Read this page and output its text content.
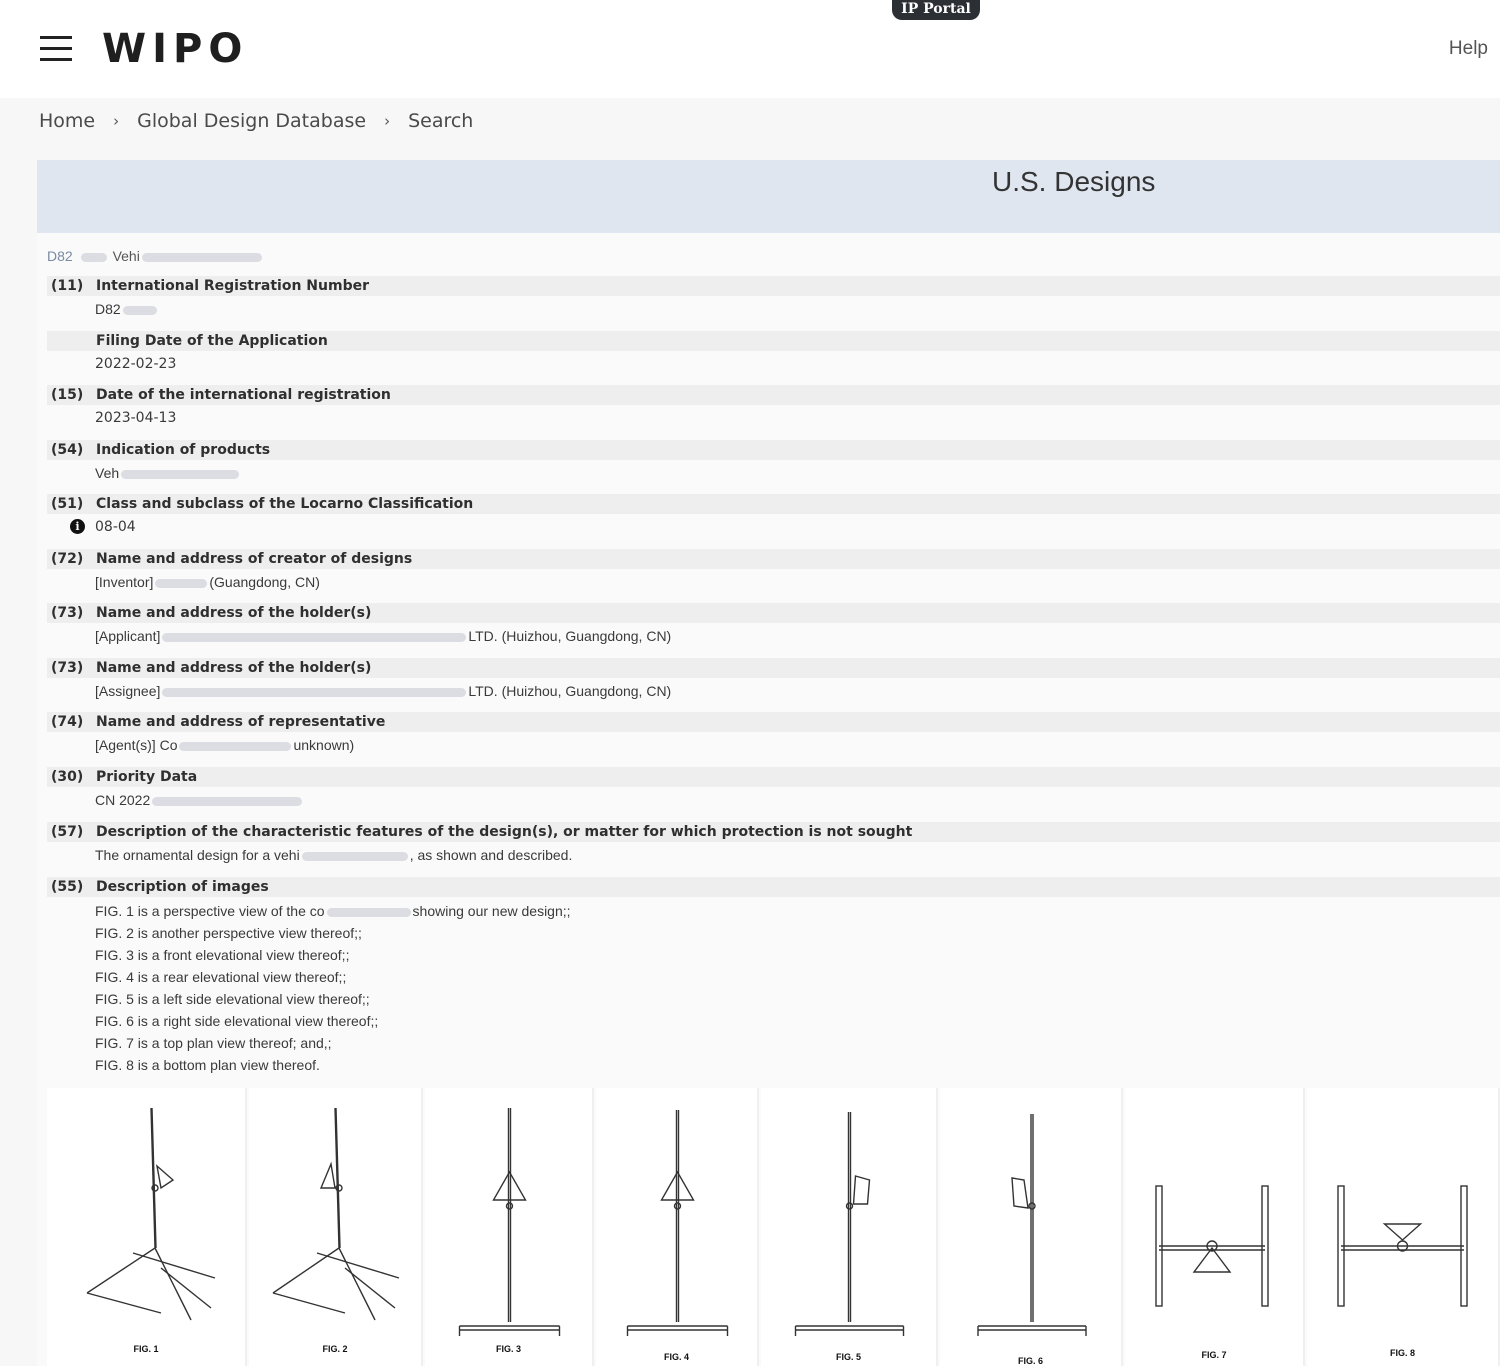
WIPO
IP Portal
Help
Home › Global Design Database › Search
U.S. Designs
D82	Vehi
(11) International Registration Number
D82
Filing Date of the Application
2022-02-23
(15) Date of the international registration
2023-04-13
(54) Indication of products
Veh
(51) Class and subclass of the Locarno Classification
08-04
i
(72) Name and address of creator of designs
[Inventor]	(Guangdong, CN)
(73) Name and address of the holder(s)
[Applicant]	LTD. (Huizhou, Guangdong, CN)
(73) Name and address of the holder(s)
[Assignee]	LTD. (Huizhou, Guangdong, CN)
(74) Name and address of representative
[Agent(s)] Co	unknown)
(30) Priority Data
CN 2022
(57) Description of the characteristic features of the design(s), or matter for which protection is not sought
The ornamental design for a vehi	, as shown and described.
(55) Description of images
FIG. 1 is a perspective view of the co	showing our new design;;
FIG. 2 is another perspective view thereof;;
FIG. 3 is a front elevational view thereof;;
FIG. 4 is a rear elevational view thereof;;
FIG. 5 is a left side elevational view thereof;;
FIG. 6 is a right side elevational view thereof;;
FIG. 7 is a top plan view thereof; and,;
FIG. 8 is a bottom plan view thereof.
FIG. 1	FIG. 2	FIG. 3
FIG. 4	FIG. 5	FIG. 6
FIG. 7	FIG. 8
